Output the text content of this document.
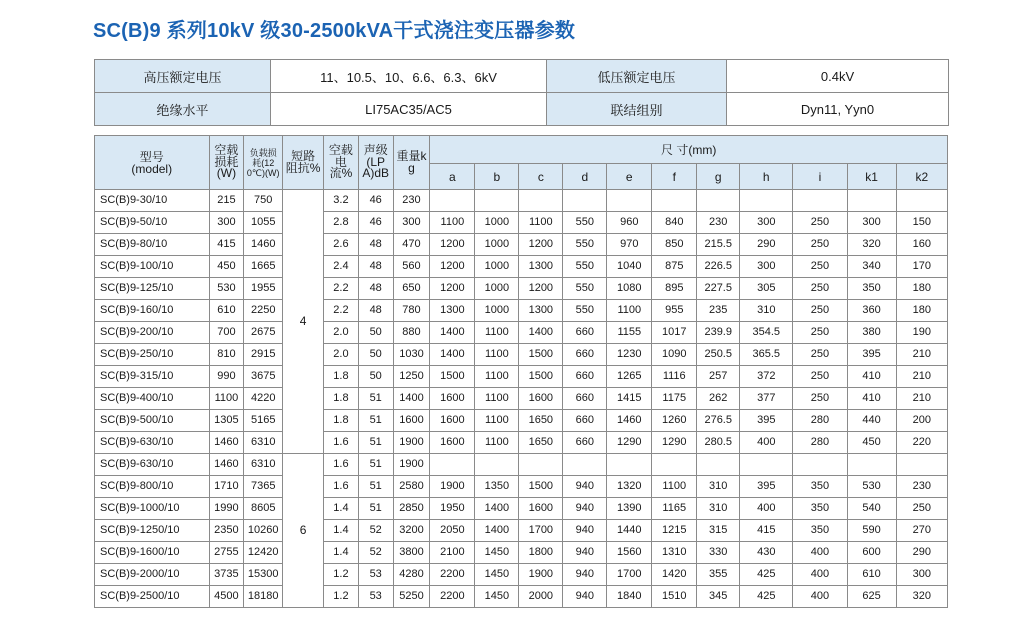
SC(B)9 系列10kV 级30-2500kVA干式浇注变压器参数
高压额定电压	11、10.5、10、6.6、6.3、6kV	低压额定电压	0.4kV
绝缘水平	LI75AC35/AC5	联结组别	Dyn11, Yyn0
型号
(model)	空载损耗(W)	负载损耗(120℃)(W)	短路阻抗%	空载电流%	声级(LPA)dB	重量kg	尺 寸(mm)										
							a	b	c	d	e	f	g	h	i	k1	k2
SC(B)9-30/10	215	750	4	3.2	46	230											
SC(B)9-50/10	300	1055		2.8	46	300	1100	1000	1100	550	960	840	230	300	250	300	150
SC(B)9-80/10	415	1460		2.6	48	470	1200	1000	1200	550	970	850	215.5	290	250	320	160
SC(B)9-100/10	450	1665		2.4	48	560	1200	1000	1300	550	1040	875	226.5	300	250	340	170
SC(B)9-125/10	530	1955		2.2	48	650	1200	1000	1200	550	1080	895	227.5	305	250	350	180
SC(B)9-160/10	610	2250		2.2	48	780	1300	1000	1300	550	1100	955	235	310	250	360	180
SC(B)9-200/10	700	2675		2.0	50	880	1400	1100	1400	660	1155	1017	239.9	354.5	250	380	190
SC(B)9-250/10	810	2915		2.0	50	1030	1400	1100	1500	660	1230	1090	250.5	365.5	250	395	210
SC(B)9-315/10	990	3675		1.8	50	1250	1500	1100	1500	660	1265	1116	257	372	250	410	210
SC(B)9-400/10	1100	4220		1.8	51	1400	1600	1100	1600	660	1415	1175	262	377	250	410	210
SC(B)9-500/10	1305	5165		1.8	51	1600	1600	1100	1650	660	1460	1260	276.5	395	280	440	200
SC(B)9-630/10	1460	6310		1.6	51	1900	1600	1100	1650	660	1290	1290	280.5	400	280	450	220
SC(B)9-630/10	1460	6310	6	1.6	51	1900											
SC(B)9-800/10	1710	7365		1.6	51	2580	1900	1350	1500	940	1320	1100	310	395	350	530	230
SC(B)9-1000/10	1990	8605		1.4	51	2850	1950	1400	1600	940	1390	1165	310	400	350	540	250
SC(B)9-1250/10	2350	10260		1.4	52	3200	2050	1400	1700	940	1440	1215	315	415	350	590	270
SC(B)9-1600/10	2755	12420		1.4	52	3800	2100	1450	1800	940	1560	1310	330	430	400	600	290
SC(B)9-2000/10	3735	15300		1.2	53	4280	2200	1450	1900	940	1700	1420	355	425	400	610	300
SC(B)9-2500/10	4500	18180		1.2	53	5250	2200	1450	2000	940	1840	1510	345	425	400	625	320
